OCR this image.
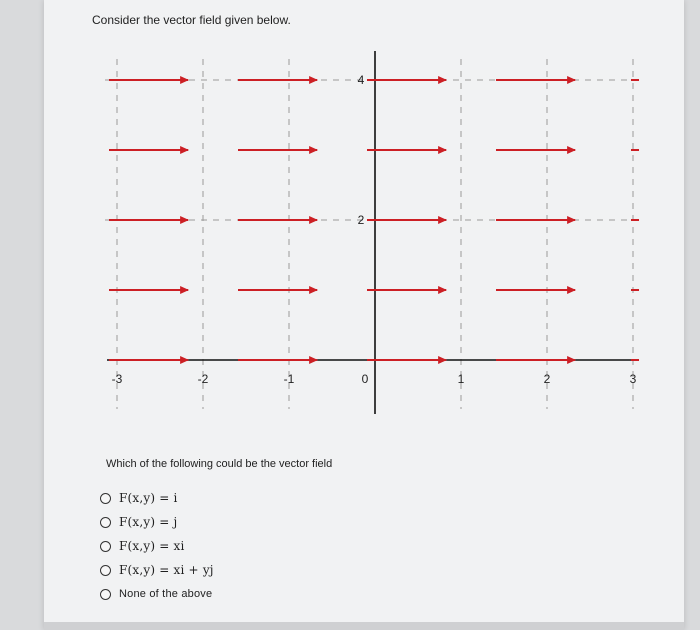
Consider the vector field given below.
-3	-2	-1	0	1	2	3
2
4
Which of the following could be the vector field
F(x,y) = i
F(x,y) = j
F(x,y) = xi
F(x,y) = xi + yj
None of the above
